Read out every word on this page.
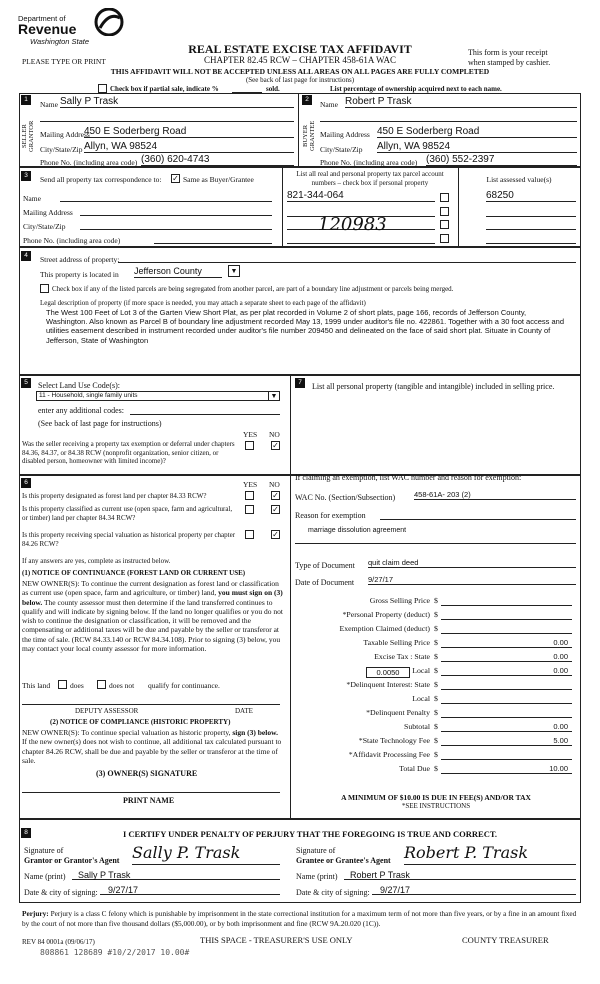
Department of
Revenue
Washington State
PLEASE TYPE OR PRINT
REAL ESTATE EXCISE TAX AFFIDAVIT
CHAPTER 82.45 RCW – CHAPTER 458-61A WAC
This form is your receipt
when stamped by cashier.
THIS AFFIDAVIT WILL NOT BE ACCEPTED UNLESS ALL AREAS ON ALL PAGES ARE FULLY COMPLETED
(See back of last page for instructions)
Check box if partial sale, indicate %	sold.	List percentage of ownership acquired next to each name.
1
SELLER GRANTOR
Name Sally P Trask
Mailing Address
450 E Soderberg Road
City/State/Zip Allyn, WA 98524
Phone No. (including area code) (360) 620-4743
2
BUYER GRANTEE
Name Robert P Trask
Mailing Address 450 E Soderberg Road
City/State/Zip Allyn, WA 98524
Phone No. (including area code) (360) 552-2397
3	Send all property tax correspondence to: ✓ Same as Buyer/Grantee
Name
Mailing Address
City/State/Zip
Phone No. (including area code)
List all real and personal property tax parcel account numbers – check box if personal property	List assessed value(s)
821-344-064
120983
68250
4	Street address of property:
This property is located in Jefferson County	▼
Check box if any of the listed parcels are being segregated from another parcel, are part of a boundary line adjustment or parcels being merged.
Legal description of property (if more space is needed, you may attach a separate sheet to each page of the affidavit)
The West 100 Feet of Lot 3 of the Garten View Short Plat, as per plat recorded in Volume 2 of short plats, page 166, records of Jefferson County, Washington. Also known as Parcel B of boundary line adjustment recorded May 13, 1999 under auditor's file no. 422861. Together with a 30 foot access and utilities easement described in instrument recorded under auditor's file number 209450 and delineated on the face of said short plat. Situate in County of Jefferson, State of Washington
5	Select Land Use Code(s):
11 - Household, single family units	▼
enter any additional codes:
(See back of last page for instructions)
YES NO
Was the seller receiving a property tax exemption or deferral under chapters 84.36, 84.37, or 84.38 RCW (nonprofit organization, senior citizen, or disabled person, homeowner with limited income)?
✓
7	List all personal property (tangible and intangible) included in selling price.
6	YES NO
Is this property designated as forest land per chapter 84.33 RCW?	✓
Is this property classified as current use (open space, farm and agricultural, or timber) land per chapter 84.34 RCW?
✓
Is this property receiving special valuation as historical property per chapter 84.26 RCW?
✓
If any answers are yes, complete as instructed below.
(1) NOTICE OF CONTINUANCE (FOREST LAND OR CURRENT USE)
NEW OWNER(S): To continue the current designation as forest land or classification as current use (open space, farm and agriculture, or timber) land, you must sign on (3) below. The county assessor must then determine if the land transferred continues to qualify and will indicate by signing below. If the land no longer qualifies or you do not wish to continue the designation or classification, it will be removed and the compensating or additional taxes will be due and payable by the seller or transferor at the time of sale. (RCW 84.33.140 or RCW 84.34.108). Prior to signing (3) below, you may contact your local county assessor for more information.
This land	does	does not qualify for continuance.
DEPUTY ASSESSOR	DATE
(2) NOTICE OF COMPLIANCE (HISTORIC PROPERTY)
NEW OWNER(S): To continue special valuation as historic property, sign (3) below. If the new owner(s) does not wish to continue, all additional tax calculated pursuant to chapter 84.26 RCW, shall be due and payable by the seller or transferor at the time of sale.
(3) OWNER(S) SIGNATURE
PRINT NAME
If claiming an exemption, list WAC number and reason for exemption:
WAC No. (Section/Subsection)	458-61A- 203 (2)
Reason for exemption
marriage dissolution agreement
Type of Document quit claim deed
Date of Document 9/27/17
Gross Selling Price $
*Personal Property (deduct) $
Exemption Claimed (deduct) $
Taxable Selling Price $	0.00
Excise Tax : State $	0.00
Local $	0.00
*Delinquent Interest: State $
Local $
*Delinquent Penalty $
Subtotal $	0.00
*State Technology Fee $	5.00
*Affidavit Processing Fee $
Total Due $	10.00
0.0050
A MINIMUM OF $10.00 IS DUE IN FEE(S) AND/OR TAX
*SEE INSTRUCTIONS
8	I CERTIFY UNDER PENALTY OF PERJURY THAT THE FOREGOING IS TRUE AND CORRECT.
Signature of
Grantor or Grantor's Agent Sally P. Trask
Name (print)	Sally P Trask
Date & city of signing:	9/27/17
Signature of
Grantee or Grantee's Agent Robert P. Trask
Name (print)	Robert P Trask
Date & city of signing:	9/27/17
Perjury: Perjury is a class C felony which is punishable by imprisonment in the state correctional institution for a maximum term of not more than five years, or by a fine in an amount fixed by the court of not more than five thousand dollars ($5,000.00), or by both imprisonment and fine (RCW 9A.20.020 (1C)).
REV 84 0001a (09/06/17)	THIS SPACE - TREASURER'S USE ONLY	COUNTY TREASURER
808861 128689 #10/2/2017 10.00#
